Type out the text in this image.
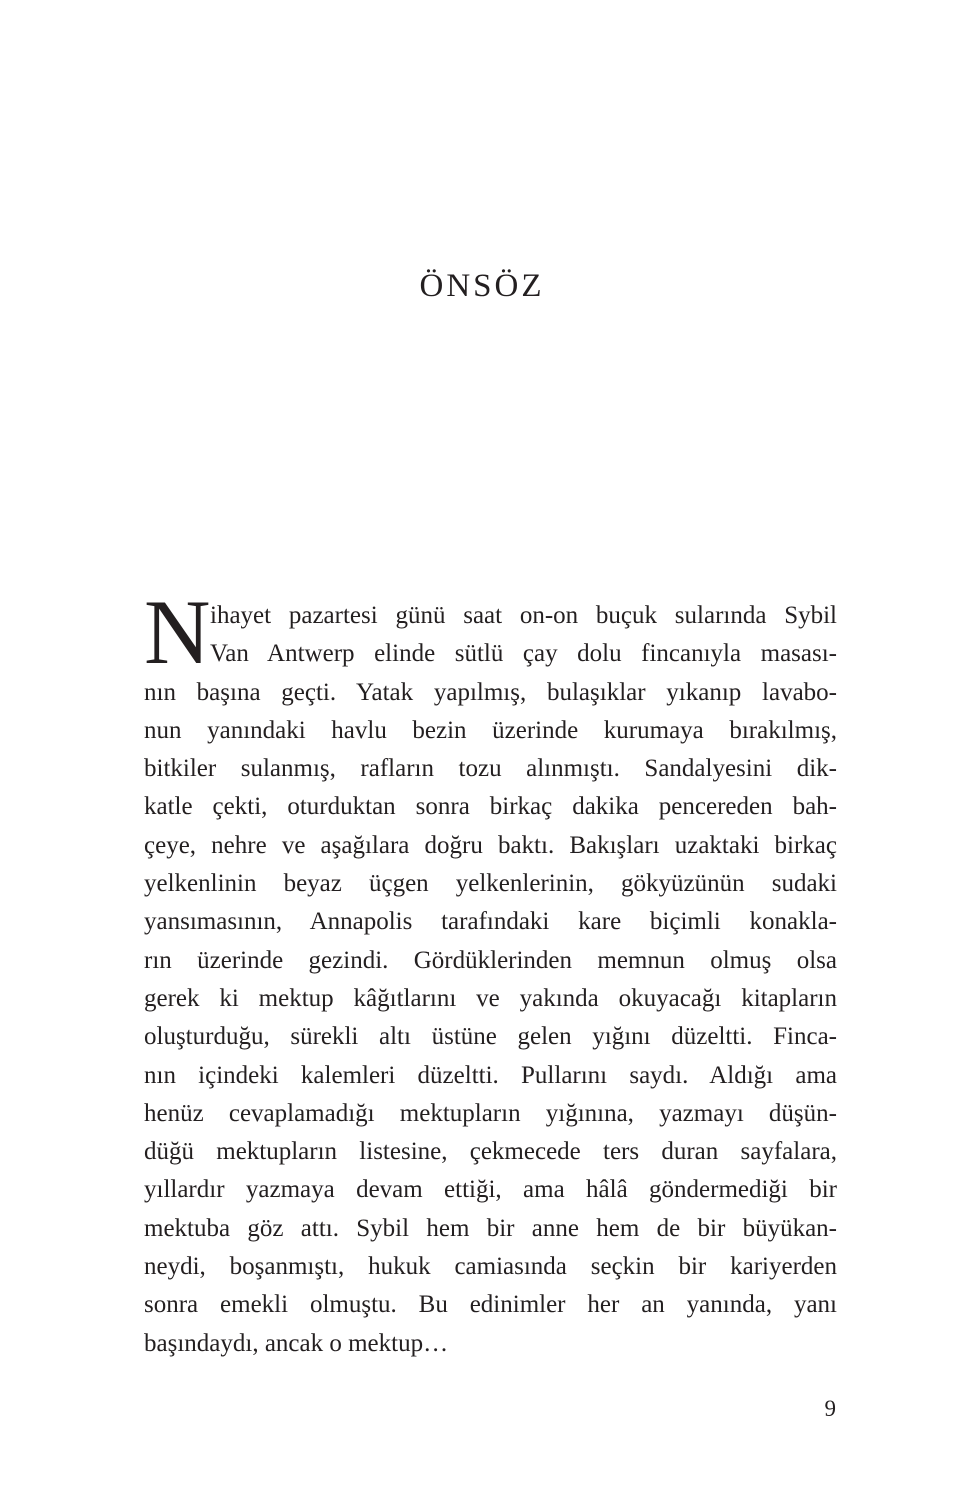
ÖNSÖZ
N ihayet pazartesi günü saat on-on buçuk sularında Sybil
Van Antwerp elinde sütlü çay dolu fincanıyla masası-
nın başına geçti. Yatak yapılmış, bulaşıklar yıkanıp lavabo-
nun yanındaki havlu bezin üzerinde kurumaya bırakılmış,
bitkiler sulanmış, rafların tozu alınmıştı. Sandalyesini dik-
katle çekti, oturduktan sonra birkaç dakika pencereden bah-
çeye, nehre ve aşağılara doğru baktı. Bakışları uzaktaki birkaç
yelkenlinin beyaz üçgen yelkenlerinin, gökyüzünün sudaki
yansımasının, Annapolis tarafındaki kare biçimli konakla-
rın üzerinde gezindi. Gördüklerinden memnun olmuş olsa
gerek ki mektup kâğıtlarını ve yakında okuyacağı kitapların
oluşturduğu, sürekli altı üstüne gelen yığını düzeltti. Finca-
nın içindeki kalemleri düzeltti. Pullarını saydı. Aldığı ama
henüz cevaplamadığı mektupların yığınına, yazmayı düşün-
düğü mektupların listesine, çekmecede ters duran sayfalara,
yıllardır yazmaya devam ettiği, ama hâlâ göndermediği bir
mektuba göz attı. Sybil hem bir anne hem de bir büyükan-
neydi, boşanmıştı, hukuk camiasında seçkin bir kariyerden
sonra emekli olmuştu. Bu edinimler her an yanında, yanı
başındaydı, ancak o mektup…
9
